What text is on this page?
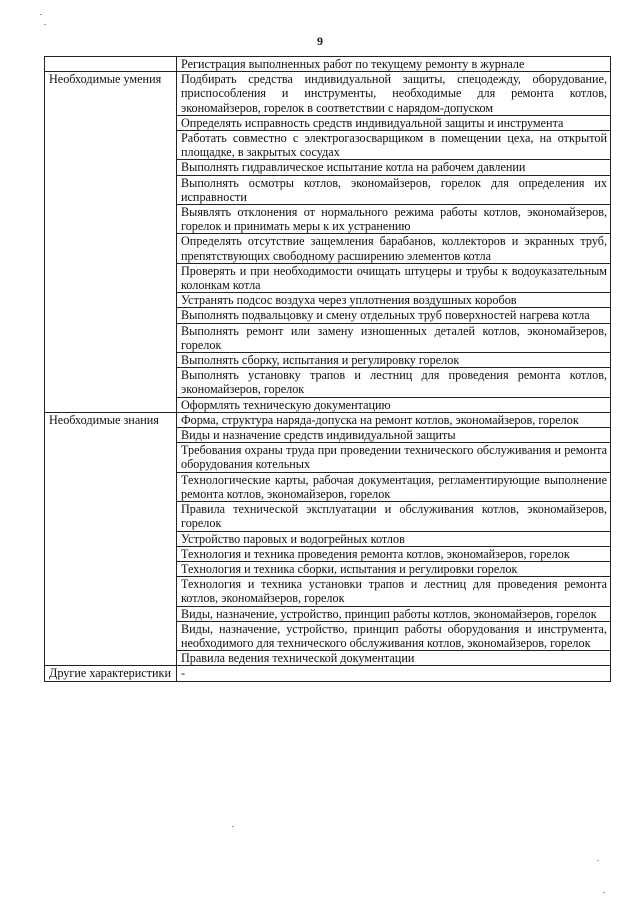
9
	Регистрация выполненных работ по текущему ремонту в журнале
Необходимые умения	Подбирать средства индивидуальной защиты, спецодежду, оборудование, приспособления и инструменты, необходимые для ремонта котлов, экономайзеров, горелок в соответствии с нарядом-допуском
	Определять исправность средств индивидуальной защиты и инструмента
	Работать совместно с электрогазосварщиком в помещении цеха, на открытой площадке, в закрытых сосудах
	Выполнять гидравлическое испытание котла на рабочем давлении
	Выполнять осмотры котлов, экономайзеров, горелок для определения их исправности
	Выявлять отклонения от нормального режима работы котлов, экономайзеров, горелок и принимать меры к их устранению
	Определять отсутствие защемления барабанов, коллекторов и экранных труб, препятствующих свободному расширению элементов котла
	Проверять и при необходимости очищать штуцеры и трубы к водоуказательным колонкам котла
	Устранять подсос воздуха через уплотнения воздушных коробов
	Выполнять подвальцовку и смену отдельных труб поверхностей нагрева котла
	Выполнять ремонт или замену изношенных деталей котлов, экономайзеров, горелок
	Выполнять сборку, испытания и регулировку горелок
	Выполнять установку трапов и лестниц для проведения ремонта котлов, экономайзеров, горелок
	Оформлять техническую документацию
Необходимые знания	Форма, структура наряда-допуска на ремонт котлов, экономайзеров, горелок
	Виды и назначение средств индивидуальной защиты
	Требования охраны труда при проведении технического обслуживания и ремонта оборудования котельных
	Технологические карты, рабочая документация, регламентирующие выполнение ремонта котлов, экономайзеров, горелок
	Правила технической эксплуатации и обслуживания котлов, экономайзеров, горелок
	Устройство паровых и водогрейных котлов
	Технология и техника проведения ремонта котлов, экономайзеров, горелок
	Технология и техника сборки, испытания и регулировки горелок
	Технология и техника установки трапов и лестниц для проведения ремонта котлов, экономайзеров, горелок
	Виды, назначение, устройство, принцип работы котлов, экономайзеров, горелок
	Виды, назначение, устройство, принцип работы оборудования и инструмента, необходимого для технического обслуживания котлов, экономайзеров, горелок
	Правила ведения технической документации
Другие характеристики	-
